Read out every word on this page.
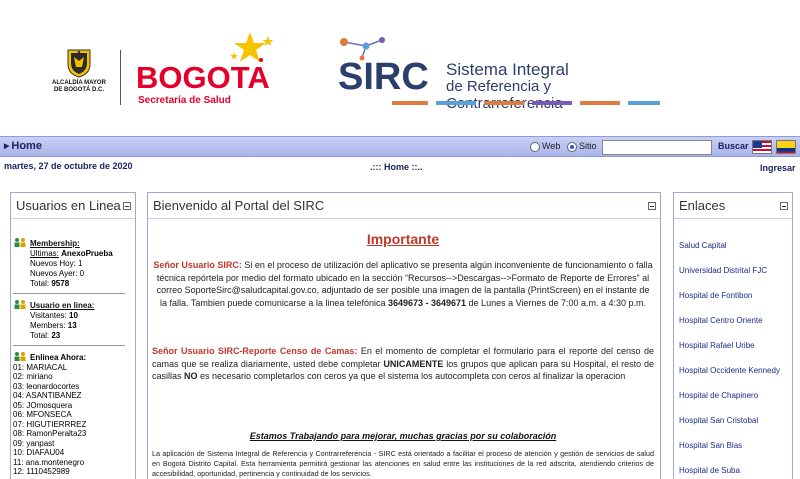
ALCALDÍA MAYOR DE BOGOTÁ D.C. BOGOTA
Secretaría de Salud
SIRC Sistema Integral
de Referencia y
▶ Home	Web Sitio	Buscar
martes, 27 de octubre de 2020	.::: Home ::..	Ingresar
Usuarios en Linea
Membership:
Ultimas: AnexoPrueba
Nuevos Hoy: 1
Nuevos Ayer: 0
Total: 9578
Usuario en linea:
Visitantes: 10
Members: 13
Total: 23
Enlinea Ahora:
01: MARIACAL
02: miriano
03: leonardocortes
04: ASANTIBANEZ
05: JOmosquera
06: MFONSECA
07: HIGUTIERRREZ
08: RamonPeralta23
09: yanpast
10: DIAFAU04
11: ana.montenegro
12: 1110452989
Bienvenido al Portal del SIRC
Importante
Señor Usuario SIRC: Si en el proceso de utilización del aplicativo se presenta algún inconveniente de funcionamiento o falla técnica repórtela por medio del formato ubicado en la sección “Recursos-->Descargas-->Formato de Reporte de Errores” al correo SoporteSirc@saludcapital.gov.co, adjuntado de ser posible una imagen de la pantalla (PrintScreen) en el instante de la falla. Tambien puede comunicarse a la linea telefónica 3649673 - 3649671 de Lunes a Viernes de 7:00 a.m. a 4:30 p.m.
Señor Usuario SIRC-Reporte Censo de Camas: En el momento de completar el formulario para el reporte del censo de camas que se realiza diariamente, usted debe completar UNICAMENTE los grupos que aplican para su Hospital, el resto de casillas NO es necesario completarlos con ceros ya que el sistema los autocompleta con ceros al finalizar la operacion
Estamos Trabajando para mejorar, muchas gracias por su colaboración
La aplicación de Sistema Integral de Referencia y Contrarreferencia - SIRC está orientado a facilitar el proceso de atención y gestión de servicios de salud en Bogotá Distrito Capital. Esta herramienta permitirá gestionar las atenciones en salud entre las instituciones de la red adscrita, atendiendo criterios de accesibilidad, oportunidad, pertinencia y continuidad de los servicios.
Enlaces
Salud Capital
Universidad Distrital FJC
Hospital de Fontibon
Hospital Centro Oriente
Hospital Rafael Uribe
Hospital Occidente Kennedy
Hospital de Chapinero
Hospital San Cristobal
Hospital San Blas
Hospital de Suba
